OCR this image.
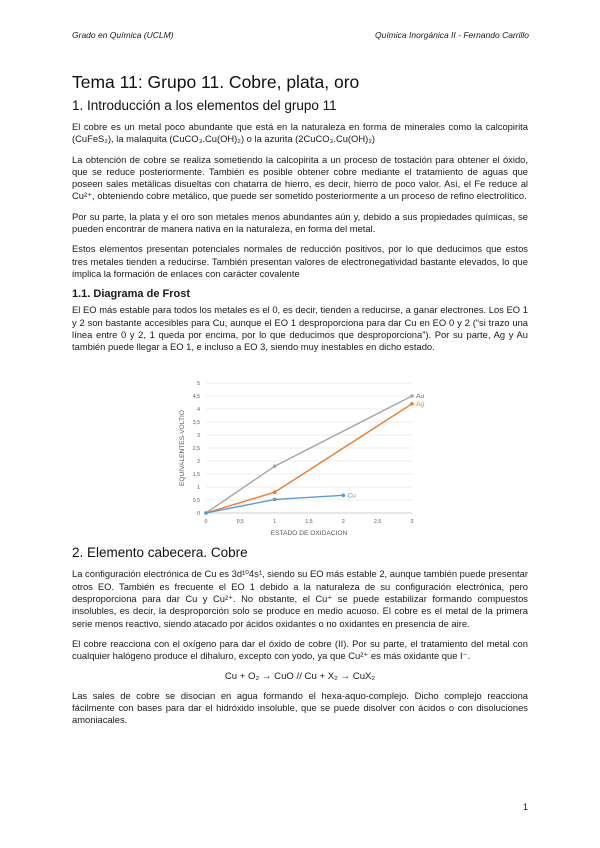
Grado en Química (UCLM)	Química Inorgánica II - Fernando Carrillo
Tema 11: Grupo 11. Cobre, plata, oro
1. Introducción a los elementos del grupo 11

El cobre es un metal poco abundante que está en la naturaleza en forma de minerales como la calcopirita (CuFeS₂), la malaquita (CuCO₃.Cu(OH)₂) o la azurita (2CuCO₃.Cu(OH)₂)

La obtención de cobre se realiza sometiendo la calcopirita a un proceso de tostación para obtener el óxido, que se reduce posteriormente. También es posible obtener cobre mediante el tratamiento de aguas que poseen sales metálicas disueltas con chatarra de hierro, es decir, hierro de poco valor. Así, el Fe reduce al Cu²⁺, obteniendo cobre metálico, que puede ser sometido posteriormente a un proceso de refino electrolítico.

Por su parte, la plata y el oro son metales menos abundantes aún y, debido a sus propiedades químicas, se pueden encontrar de manera nativa en la naturaleza, en forma del metal.

Estos elementos presentan potenciales normales de reducción positivos, por lo que deducimos que estos tres metales tienden a reducirse. También presentan valores de electronegatividad bastante elevados, lo que implica la formación de enlaces con carácter covalente

1.1. Diagrama de Frost

El EO más estable para todos los metales es el 0, es decir, tienden a reducirse, a ganar electrones. Los EO 1 y 2 son bastante accesibles para Cu, aunque el EO 1 desproporciona para dar Cu en EO 0 y 2 (“si trazo una línea entre 0 y 2, 1 queda por encima, por lo que deducimos que desproporciona”). Por su parte, Ag y Au también puede llegar a EO 1, e incluso a EO 3, siendo muy inestables en dicho estado.

0
0,5
1
1,5
2
2,5
3
3,5
4
4,5
5
0	0,5	1	1,5	2	2,5	3
ESTADO DE OXIDACION
EQUIVALENTES-VOLTIO
Au
Ag
Cu
2. Elemento cabecera. Cobre

La configuración electrónica de Cu es 3d¹⁰4s¹, siendo su EO más estable 2, aunque también puede presentar otros EO. También es frecuente el EO 1 debido a la naturaleza de su configuración electrónica, pero desproporciona para dar Cu y Cu²⁺. No obstante, el Cu⁺ se puede estabilizar formando compuestos insolubles, es decir, la desproporción solo se produce en medio acuoso. El cobre es el metal de la primera serie menos reactivo, siendo atacado por ácidos oxidantes o no oxidantes en presencia de aire.

El cobre reacciona con el oxígeno para dar el óxido de cobre (II). Por su parte, el tratamiento del metal con cualquier halógeno produce el dihaluro, excepto con yodo, ya que Cu²⁺ es más oxidante que I⁻.

Cu + O₂ → CuO // Cu + X₂ → CuX₂

Las sales de cobre se disocian en agua formando el hexa-aquo-complejo. Dicho complejo reacciona fácilmente con bases para dar el hidróxido insoluble, que se puede disolver con ácidos o con disoluciones amoniacales.

1
